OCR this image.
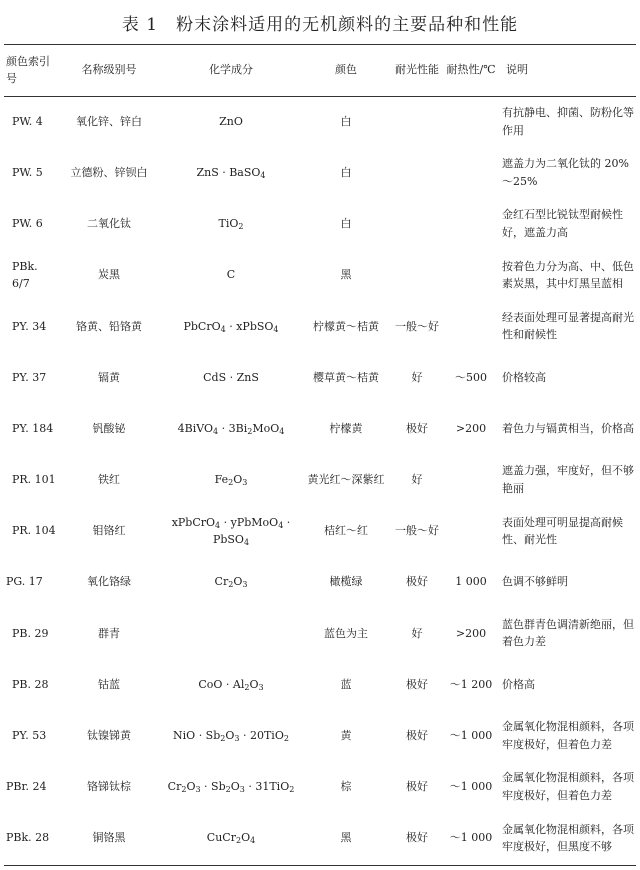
表 1　粉末涂料适用的无机颜料的主要品种和性能
颜色索引号	名称级别号	化学成分	颜色	耐光性能	耐热性/℃	说明
PW. 4	氧化锌、锌白	ZnO	白			有抗静电、抑菌、防粉化等作用
PW. 5	立德粉、锌钡白	ZnS · BaSO$_4$	白			遮盖力为二氧化钛的 20%～25%
PW. 6	二氧化钛	TiO$_2$	白			金红石型比锐钛型耐候性好，遮盖力高
PBk. 6/7	炭黑	C	黑			按着色力分为高、中、低色素炭黑，其中灯黑呈蓝相
PY. 34	铬黄、铅铬黄	PbCrO$_4$ · xPbSO$_4$	柠檬黄～桔黄	一般～好		经表面处理可显著提高耐光性和耐候性
PY. 37	镉黄	CdS · ZnS	樱草黄～桔黄	好	～500	价格较高
PY. 184	钒酸铋	4BiVO$_4$ · $3Bi_2MoO_4$	柠檬黄	极好	>200	着色力与镉黄相当，价格高
PR. 101	铁红	$Fe_2O_3$	黄光红～深紫红	好		遮盖力强，牢度好，但不够艳丽
PR. 104	钼铬红	xPbCrO$_4$ · yPbMoO$_4$ · PbSO$_4$	桔红～红	一般～好		表面处理可明显提高耐候性、耐光性
PG. 17	氧化铬绿	$Cr_2O_3$	橄榄绿	极好	1 000	色调不够鲜明
PB. 29	群青		蓝色为主	好	>200	蓝色群青色调清新绝丽，但着色力差
PB. 28	钴蓝	CoO · $Al_2O_3$	蓝	极好	～1 200	价格高
PY. 53	钛镍锑黄	NiO · $Sb_2O_3 \cdot 20TiO_2$	黄	极好	～1 000	金属氧化物混相颜料，各项牢度极好，但着色力差
PBr. 24	铬锑钛棕	$Cr_2O_3 \cdot Sb_2O_3 \cdot 31TiO_2$	棕	极好	～1 000	金属氧化物混相颜料，各项牢度极好，但着色力差
PBk. 28	铜铬黑	$CuCr_2O_4$	黑	极好	～1 000	金属氧化物混相颜料，各项牢度极好，但黑度不够
